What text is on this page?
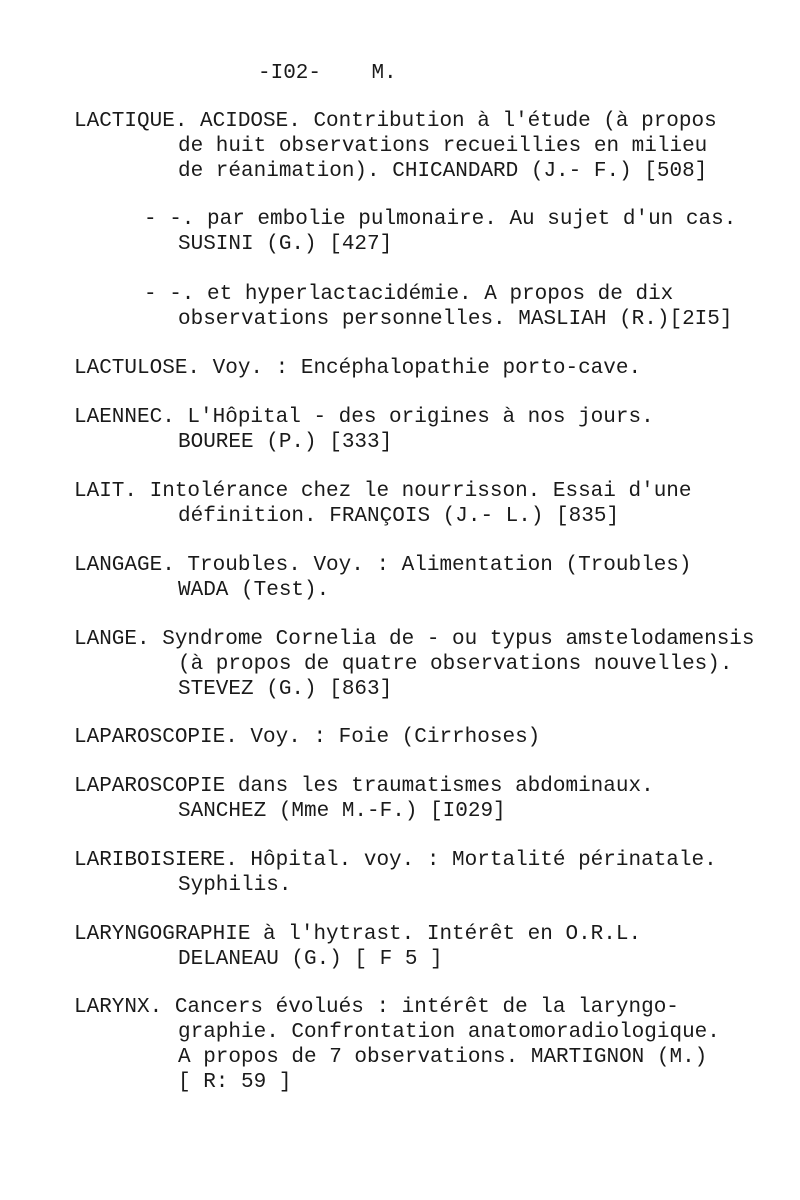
-I02- M.
LACTIQUE. ACIDOSE. Contribution à l'étude (à propos
de huit observations recueillies en milieu
de réanimation). CHICANDARD (J.- F.) [508]
- -. par embolie pulmonaire. Au sujet d'un cas.
SUSINI (G.) [427]
- -. et hyperlactacidémie. A propos de dix
observations personnelles. MASLIAH (R.)[2I5]
LACTULOSE. Voy. : Encéphalopathie porto-cave.
LAENNEC. L'Hôpital - des origines à nos jours.
BOUREE (P.) [333]
LAIT. Intolérance chez le nourrisson. Essai d'une
définition. FRANÇOIS (J.- L.) [835]
LANGAGE. Troubles. Voy. : Alimentation (Troubles)
WADA (Test).
LANGE. Syndrome Cornelia de - ou typus amstelodamensis
(à propos de quatre observations nouvelles).
STEVEZ (G.) [863]
LAPAROSCOPIE. Voy. : Foie (Cirrhoses)
LAPAROSCOPIE dans les traumatismes abdominaux.
SANCHEZ (Mme M.-F.) [I029]
LARIBOISIERE. Hôpital. voy. : Mortalité périnatale.
Syphilis.
LARYNGOGRAPHIE à l'hytrast. Intérêt en O.R.L.
DELANEAU (G.) [ F 5 ]
LARYNX. Cancers évolués : intérêt de la laryngo-
graphie. Confrontation anatomoradiologique.
A propos de 7 observations. MARTIGNON (M.)
[ R: 59 ]
